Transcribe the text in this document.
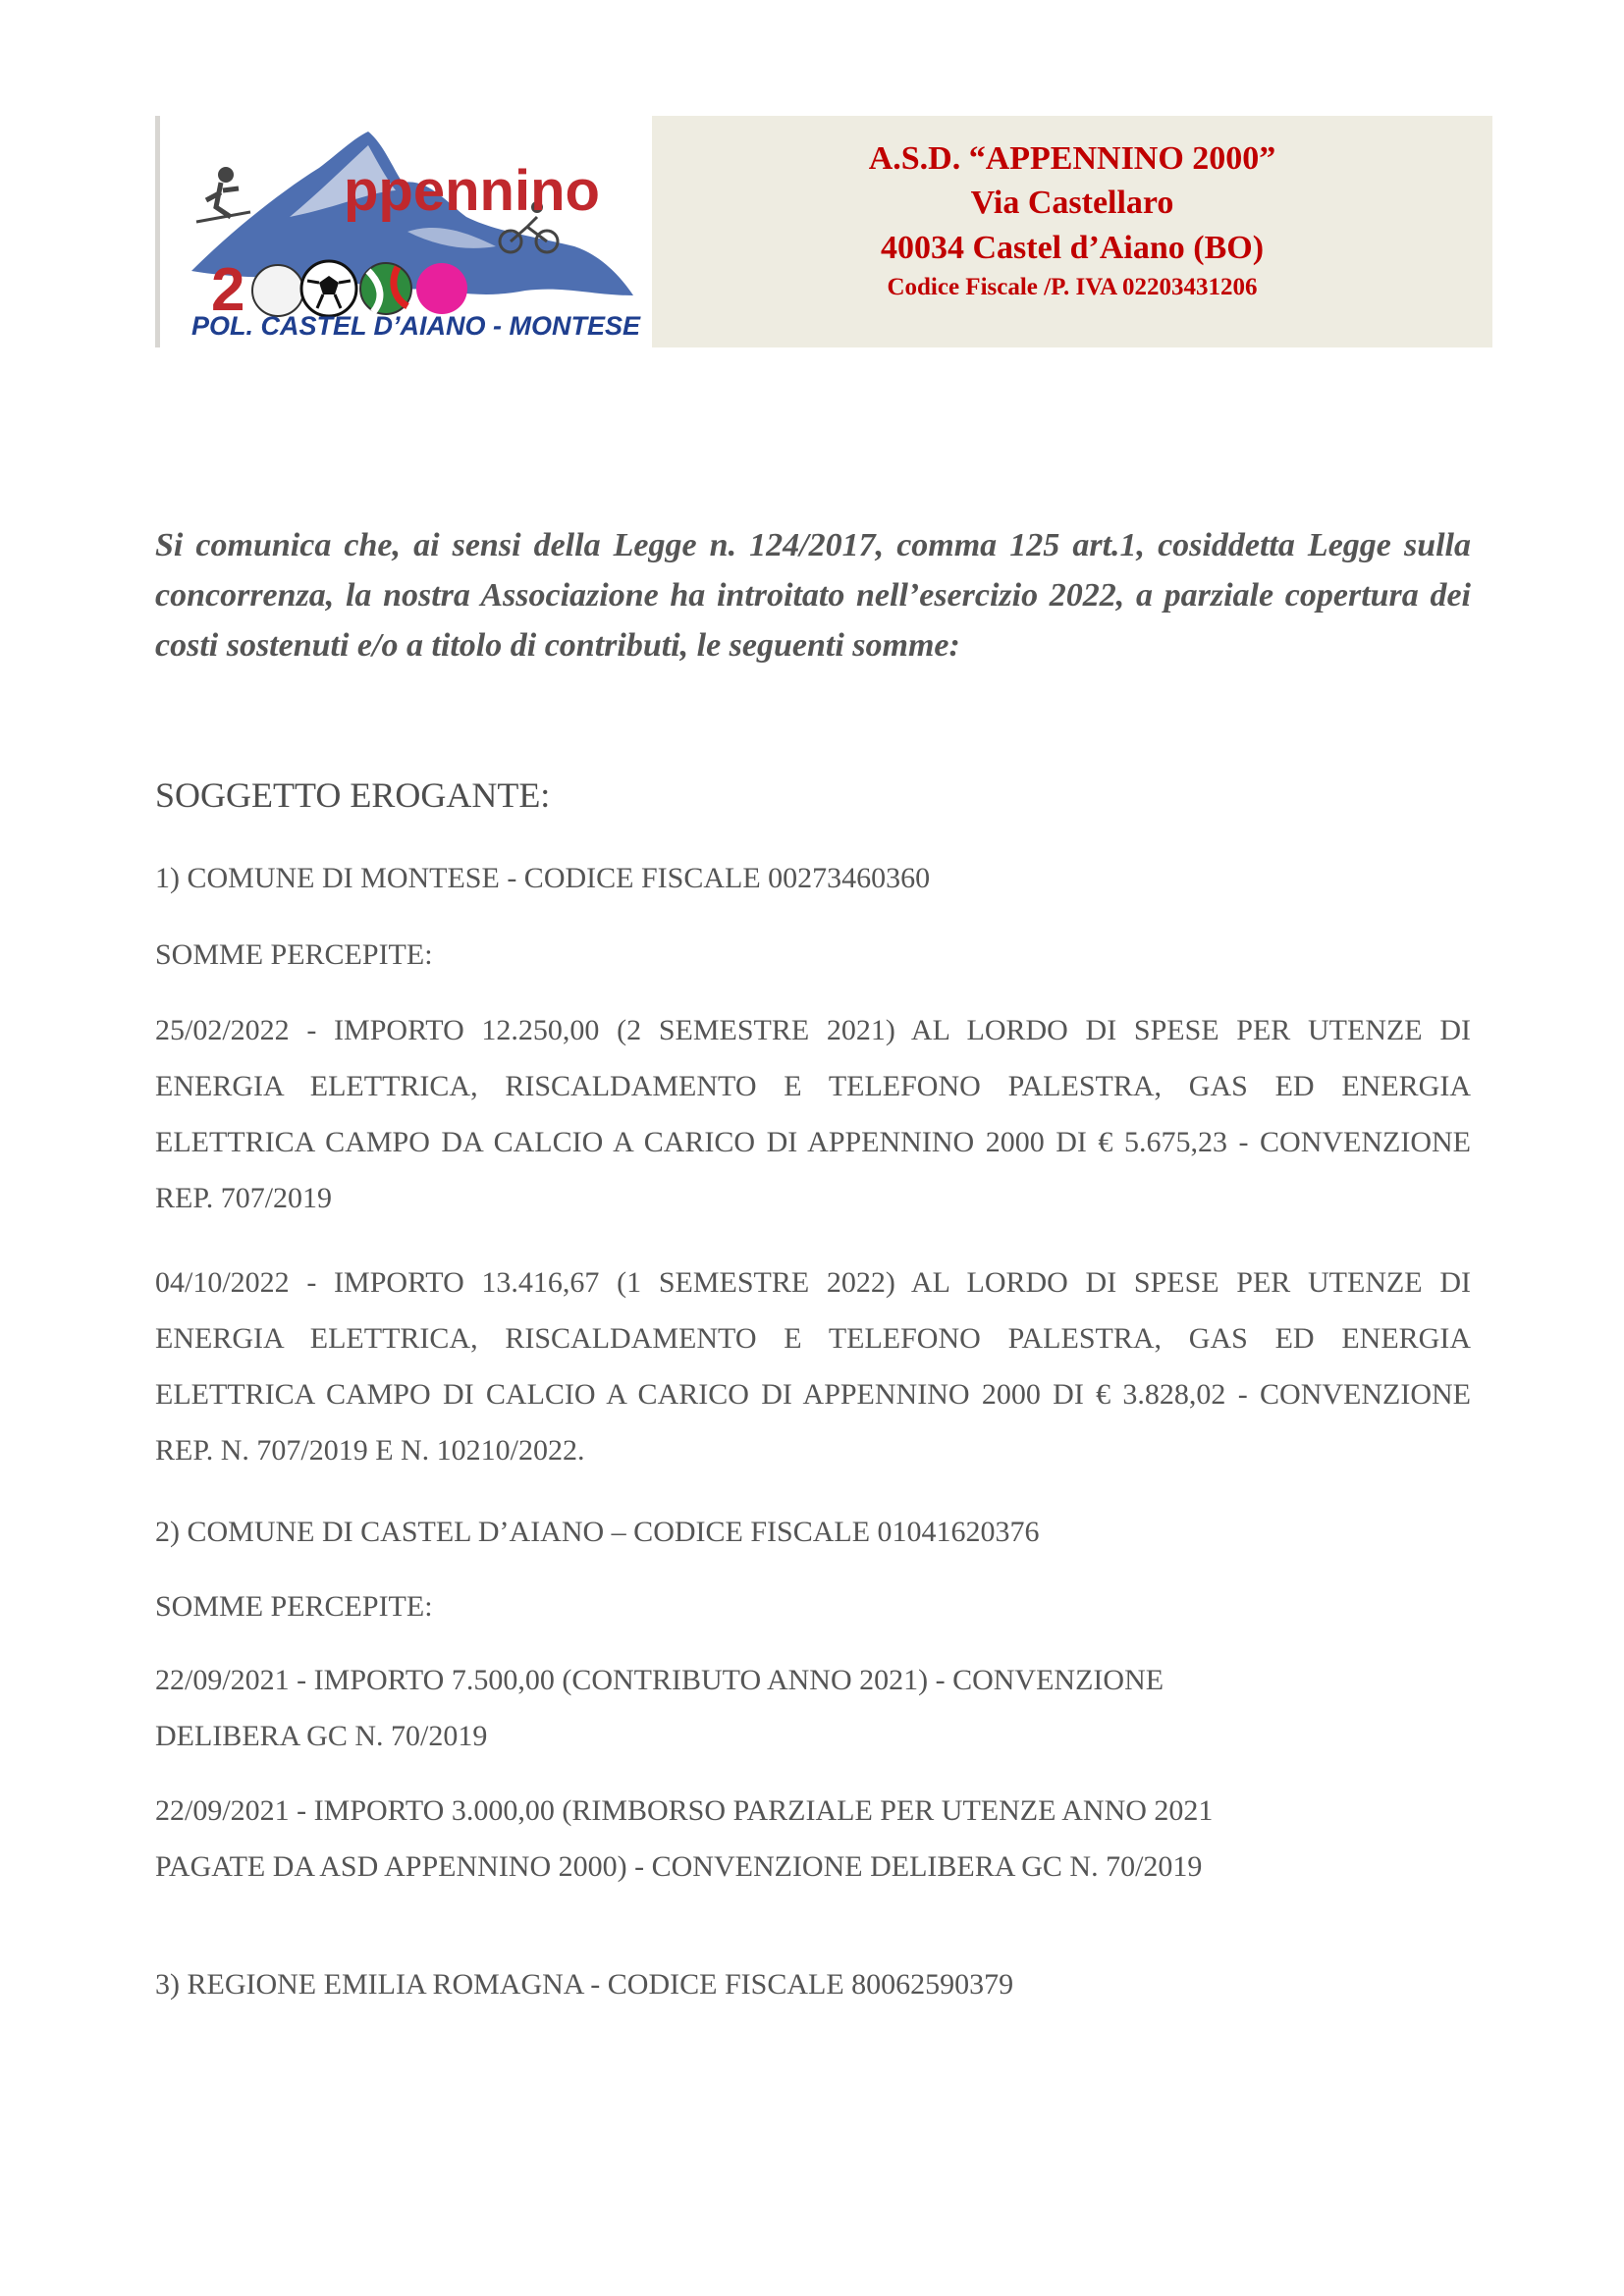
ppennino
2
POL. CASTEL D’AIANO - MONTESE
A.S.D. “APPENNINO 2000”
Via Castellaro
40034 Castel d’Aiano (BO)
Codice Fiscale /P. IVA 02203431206

Si comunica che, ai sensi della Legge n. 124/2017, comma 125 art.1, cosiddetta Legge sulla concorrenza, la nostra Associazione ha introitato nell’esercizio 2022, a parziale copertura dei costi sostenuti e/o a titolo di contributi, le seguenti somme:

SOGGETTO EROGANTE:

1) COMUNE DI MONTESE - CODICE FISCALE 00273460360

SOMME PERCEPITE:

25/02/2022 - IMPORTO 12.250,00 (2 SEMESTRE 2021) AL LORDO DI SPESE PER UTENZE DI ENERGIA ELETTRICA, RISCALDAMENTO E TELEFONO PALESTRA, GAS ED ENERGIA ELETTRICA CAMPO DA CALCIO A CARICO DI APPENNINO 2000 DI € 5.675,23 - CONVENZIONE REP. 707/2019

04/10/2022 - IMPORTO 13.416,67 (1 SEMESTRE 2022) AL LORDO DI SPESE PER UTENZE DI ENERGIA ELETTRICA, RISCALDAMENTO E TELEFONO PALESTRA, GAS ED ENERGIA ELETTRICA CAMPO DI CALCIO A CARICO DI APPENNINO 2000 DI € 3.828,02 - CONVENZIONE REP. N. 707/2019 E N. 10210/2022.

2) COMUNE DI CASTEL D’AIANO – CODICE FISCALE 01041620376

SOMME PERCEPITE:

22/09/2021 - IMPORTO 7.500,00 (CONTRIBUTO ANNO 2021) - CONVENZIONE

DELIBERA GC N. 70/2019

22/09/2021 - IMPORTO 3.000,00 (RIMBORSO PARZIALE PER UTENZE ANNO 2021

PAGATE DA ASD APPENNINO 2000) - CONVENZIONE DELIBERA GC N. 70/2019

3) REGIONE EMILIA ROMAGNA - CODICE FISCALE 80062590379
